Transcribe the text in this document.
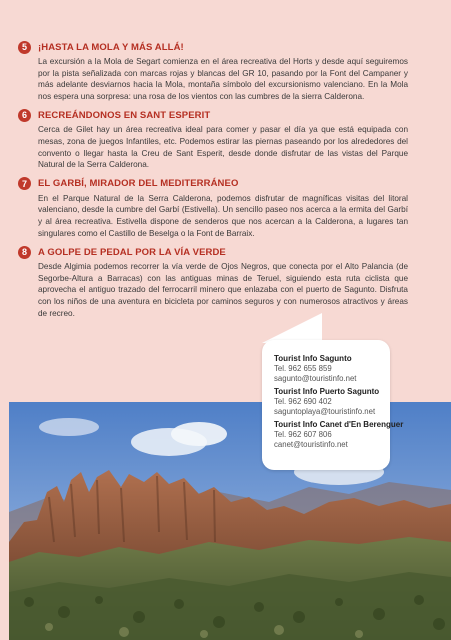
5	¡HASTA LA MOLA Y MÁS ALLÁ!
La excursión a la Mola de Segart comienza en el área recreativa del Horts y desde aquí seguiremos por la pista señalizada con marcas rojas y blancas del GR 10, pasando por la Font del Campaner y más adelante desviarnos hacia la Mola, montaña símbolo del excursionismo valenciano. En la Mola nos espera una sorpresa: una rosa de los vientos con las cumbres de la sierra Calderona.
6	RECREÁNDONOS EN SANT ESPERIT
Cerca de Gilet hay un área recreativa ideal para comer y pasar el día ya que está equipada con mesas, zona de juegos Infantiles, etc. Podemos estirar las piernas paseando por los alrededores del convento o llegar hasta la Creu de Sant Esperit, desde donde disfrutar de las vistas del Parque Natural de la Serra Calderona.
7	EL GARBÍ, MIRADOR DEL MEDITERRÁNEO
En el Parque Natural de la Serra Calderona, podemos disfrutar de magníficas visitas del litoral valenciano, desde la cumbre del Garbí (Estivella). Un sencillo paseo nos acerca a la ermita del Garbí y al área recreativa. Estivella dispone de senderos que nos acercan a la Calderona, a lugares tan singulares como el Castillo de Beselga o la Font de Barraix.
8	A GOLPE DE PEDAL POR LA VÍA VERDE
Desde Algimia podemos recorrer la vía verde de Ojos Negros, que conecta por el Alto Palancia (de Segorbe-Altura a Barracas) con las antiguas minas de Teruel, siguiendo esta ruta ciclista que aprovecha el antiguo trazado del ferrocarril minero que enlazaba con el puerto de Sagunto. Disfruta con los niños de una aventura en bicicleta por caminos seguros y con numerosos atractivos y áreas de recreo.
Tourist Info Sagunto
Tel. 962 655 859
sagunto@touristinfo.net
Tourist Info Puerto Sagunto
Tel. 962 690 402
saguntoplaya@touristinfo.net
Tourist Info Canet d'En Berenguer
Tel. 962 607 806
canet@touristinfo.net
